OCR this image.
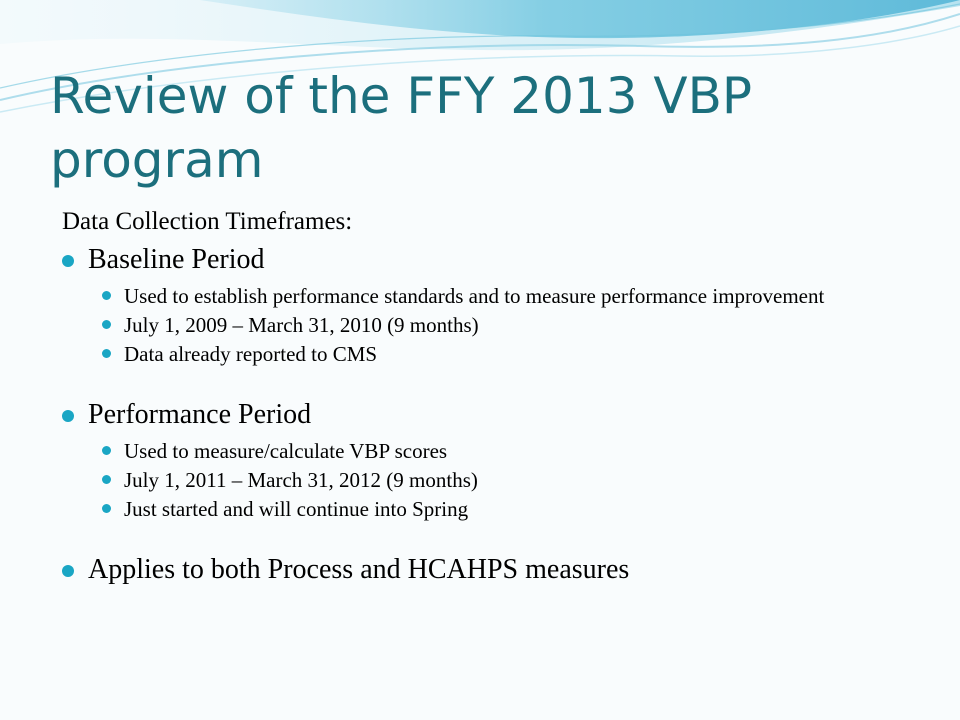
Review of the FFY 2013 VBP program
Data Collection Timeframes:
Baseline Period
Used to establish performance standards and to measure performance improvement
July 1, 2009 – March 31, 2010 (9 months)
Data already reported to CMS
Performance Period
Used to measure/calculate VBP scores
July 1, 2011 – March 31, 2012 (9 months)
Just started and will continue into Spring
Applies to both Process and HCAHPS measures
